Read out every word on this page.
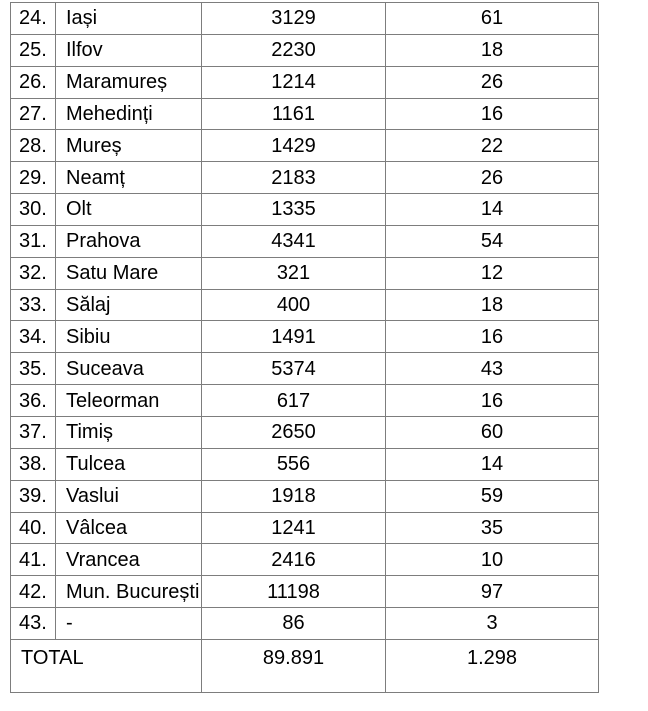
24.	Iași	3129	61
25.	Ilfov	2230	18
26.	Maramureș	1214	26
27.	Mehedinți	1161	16
28.	Mureș	1429	22
29.	Neamț	2183	26
30.	Olt	1335	14
31.	Prahova	4341	54
32.	Satu Mare	321	12
33.	Sălaj	400	18
34.	Sibiu	1491	16
35.	Suceava	5374	43
36.	Teleorman	617	16
37.	Timiș	2650	60
38.	Tulcea	556	14
39.	Vaslui	1918	59
40.	Vâlcea	1241	35
41.	Vrancea	2416	10
42.	Mun. București	11198	97
43.	-	86	3
TOTAL		89.891	1.298
